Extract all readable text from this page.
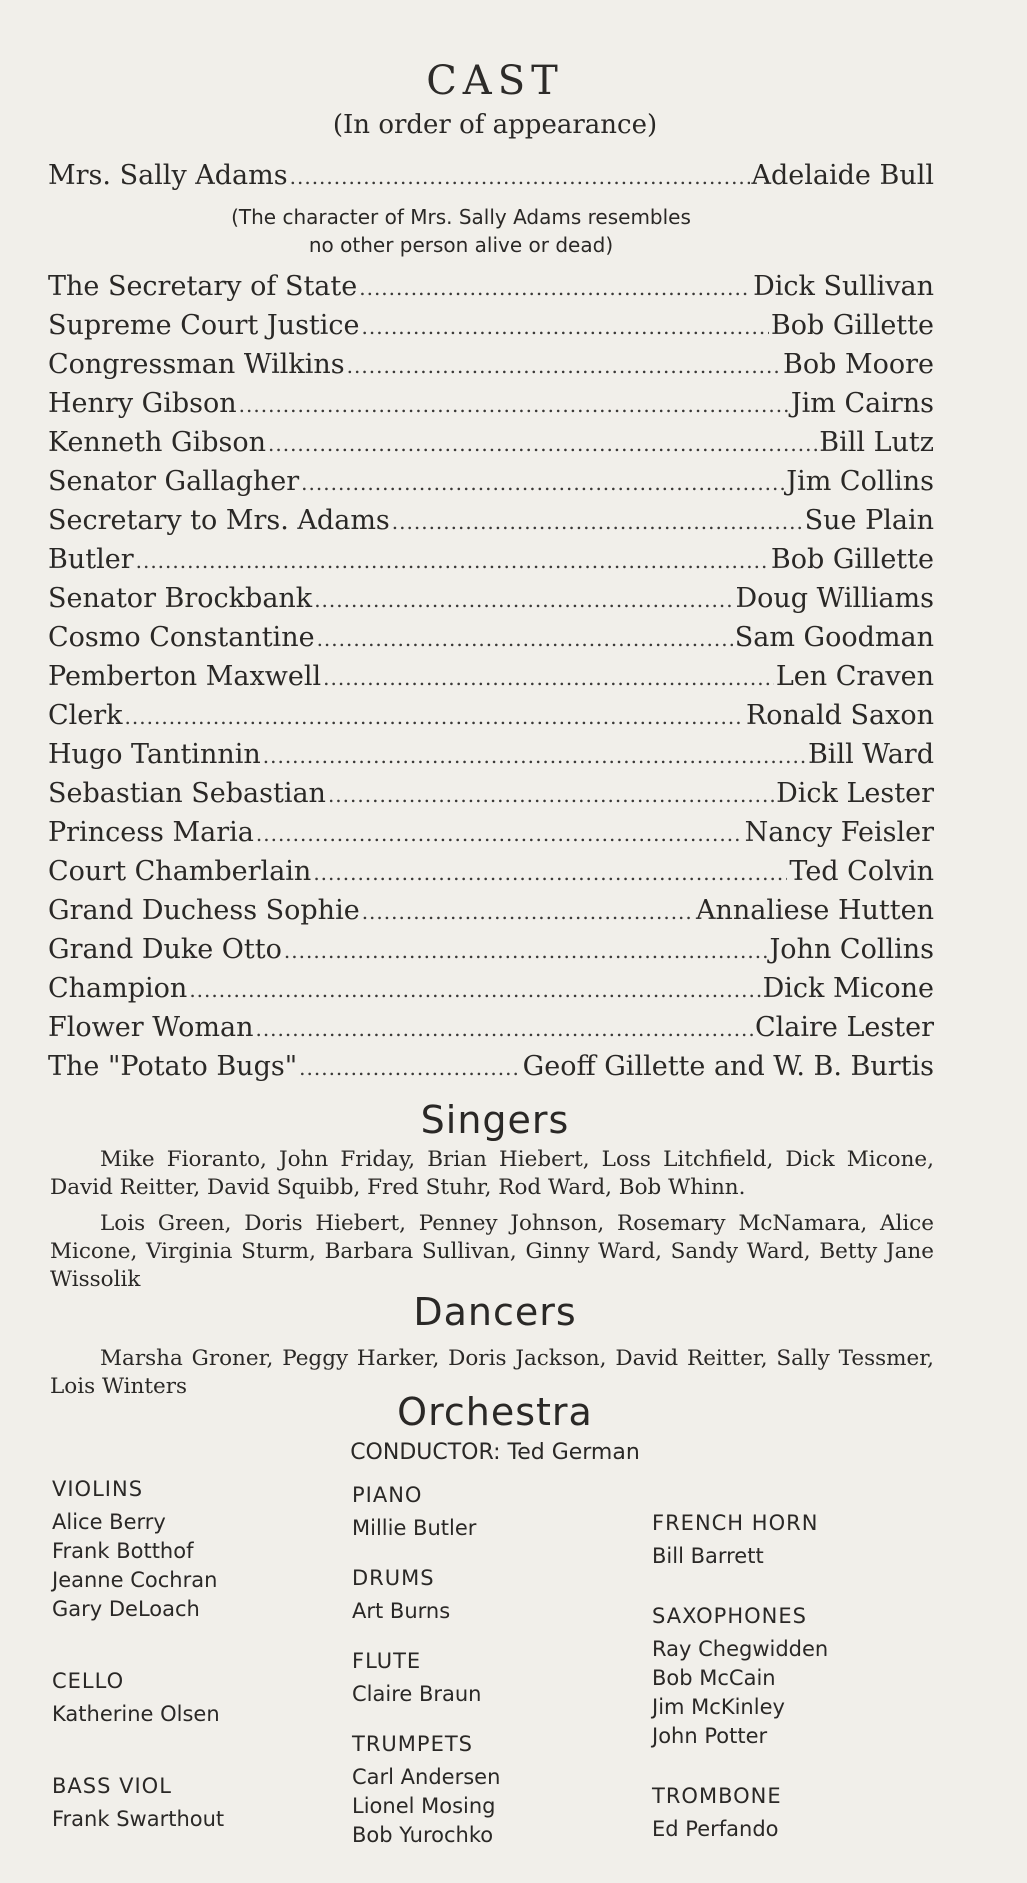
CAST
(In order of appearance)
Mrs. Sally Adams .....	Adelaide Bull
(The character of Mrs. Sally Adams resembles
no other person alive or dead)
The Secretary of State .....	Dick Sullivan
Supreme Court Justice .....	Bob Gillette
Congressman Wilkins .....	Bob Moore
Henry Gibson .....	Jim Cairns
Kenneth Gibson .....	Bill Lutz
Senator Gallagher .....	Jim Collins
Secretary to Mrs. Adams .....	Sue Plain
Butler .....	Bob Gillette
Senator Brockbank .....	Doug Williams
Cosmo Constantine .....	Sam Goodman
Pemberton Maxwell .....	Len Craven
Clerk .....	Ronald Saxon
Hugo Tantinnin .....	Bill Ward
Sebastian Sebastian .....	Dick Lester
Princess Maria .....	Nancy Feisler
Court Chamberlain .....	Ted Colvin
Grand Duchess Sophie .....	Annaliese Hutten
Grand Duke Otto .....	John Collins
Champion .....	Dick Micone
Flower Woman .....	Claire Lester
The "Potato Bugs" .....	Geoff Gillette and W. B. Burtis
Singers
Mike Fioranto, John Friday, Brian Hiebert, Loss Litchfield, Dick Micone, David Reitter, David Squibb, Fred Stuhr, Rod Ward, Bob Whinn.
Lois Green, Doris Hiebert, Penney Johnson, Rosemary McNamara, Alice Micone, Virginia Sturm, Barbara Sullivan, Ginny Ward, Sandy Ward, Betty Jane Wissolik
Dancers
Marsha Groner, Peggy Harker, Doris Jackson, David Reitter, Sally Tessmer, Lois Winters
Orchestra
CONDUCTOR: Ted German
VIOLINS
Alice Berry
Frank Botthof
Jeanne Cochran
Gary DeLoach
CELLO
Katherine Olsen
BASS VIOL
Frank Swarthout
PIANO
Millie Butler
DRUMS
Art Burns
FLUTE
Claire Braun
TRUMPETS
Carl Andersen
Lionel Mosing
Bob Yurochko
FRENCH HORN
Bill Barrett
SAXOPHONES
Ray Chegwidden
Bob McCain
Jim McKinley
John Potter
TROMBONE
Ed Perfando
